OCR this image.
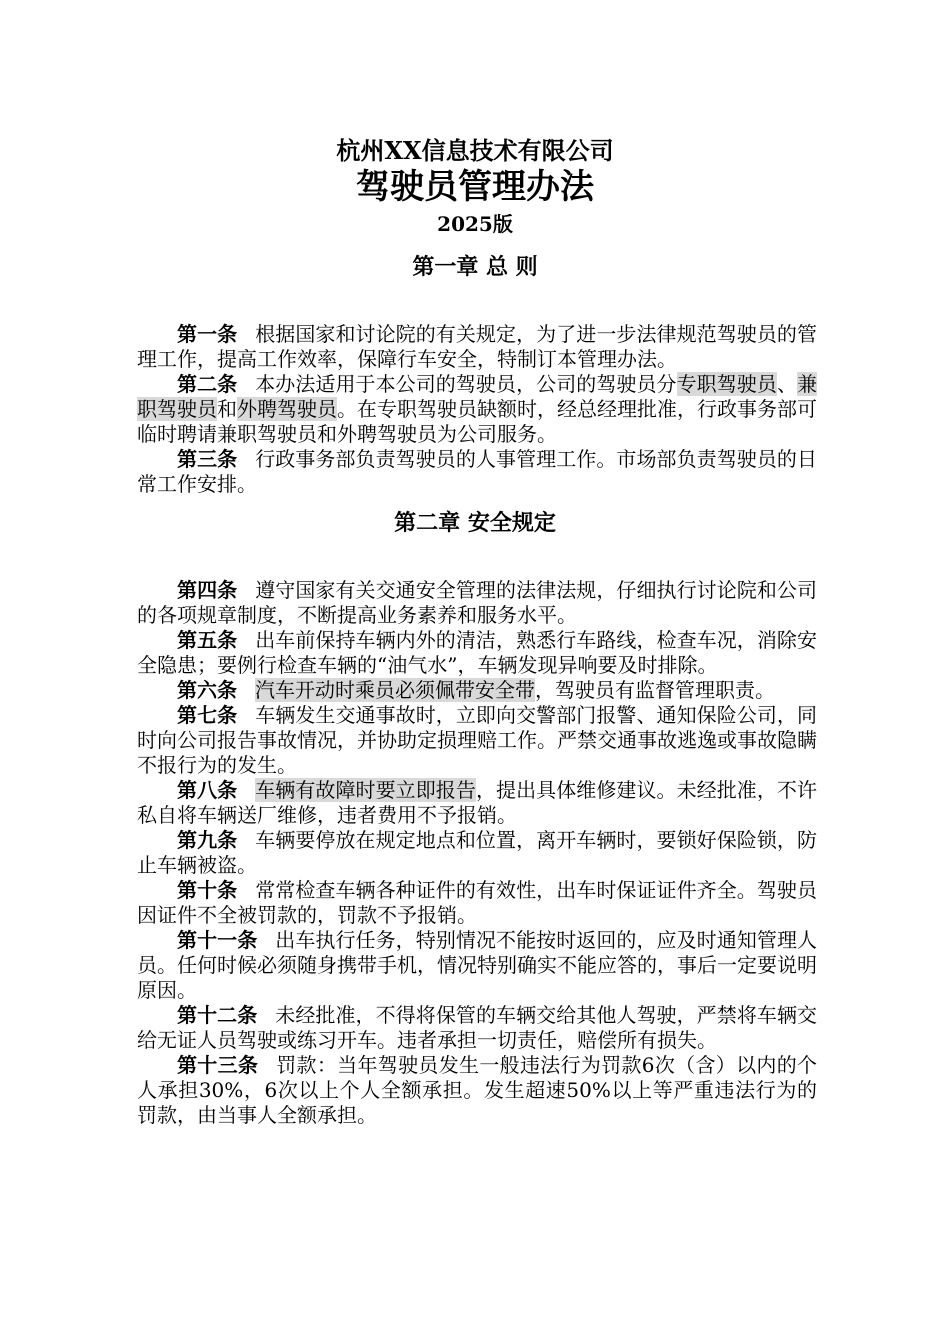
杭州XX信息技术有限公司
驾驶员管理办法
2025版
第一章 总 则

第一条 根据国家和讨论院的有关规定，为了进一步法律规范驾驶员的管理工作，提高工作效率，保障行车安全，特制订本管理办法。

第二条 本办法适用于本公司的驾驶员，公司的驾驶员分专职驾驶员、兼职驾驶员和外聘驾驶员。在专职驾驶员缺额时，经总经理批准，行政事务部可临时聘请兼职驾驶员和外聘驾驶员为公司服务。

第三条 行政事务部负责驾驶员的人事管理工作。市场部负责驾驶员的日常工作安排。

第二章 安全规定

第四条 遵守国家有关交通安全管理的法律法规，仔细执行讨论院和公司的各项规章制度，不断提高业务素养和服务水平。

第五条 出车前保持车辆内外的清洁，熟悉行车路线，检查车况，消除安全隐患；要例行检查车辆的“油气水”，车辆发现异响要及时排除。

第六条 汽车开动时乘员必须佩带安全带，驾驶员有监督管理职责。

第七条 车辆发生交通事故时，立即向交警部门报警、通知保险公司，同时向公司报告事故情况，并协助定损理赔工作。严禁交通事故逃逸或事故隐瞒不报行为的发生。

第八条 车辆有故障时要立即报告，提出具体维修建议。未经批准，不许私自将车辆送厂维修，违者费用不予报销。

第九条 车辆要停放在规定地点和位置，离开车辆时，要锁好保险锁，防止车辆被盗。

第十条 常常检查车辆各种证件的有效性，出车时保证证件齐全。驾驶员因证件不全被罚款的，罚款不予报销。

第十一条 出车执行任务，特别情况不能按时返回的，应及时通知管理人员。任何时候必须随身携带手机，情况特别确实不能应答的，事后一定要说明原因。

第十二条 未经批准，不得将保管的车辆交给其他人驾驶，严禁将车辆交给无证人员驾驶或练习开车。违者承担一切责任，赔偿所有损失。

第十三条 罚款：当年驾驶员发生一般违法行为罚款6次（含）以内的个人承担30%，6次以上个人全额承担。发生超速50%以上等严重违法行为的罚款，由当事人全额承担。
